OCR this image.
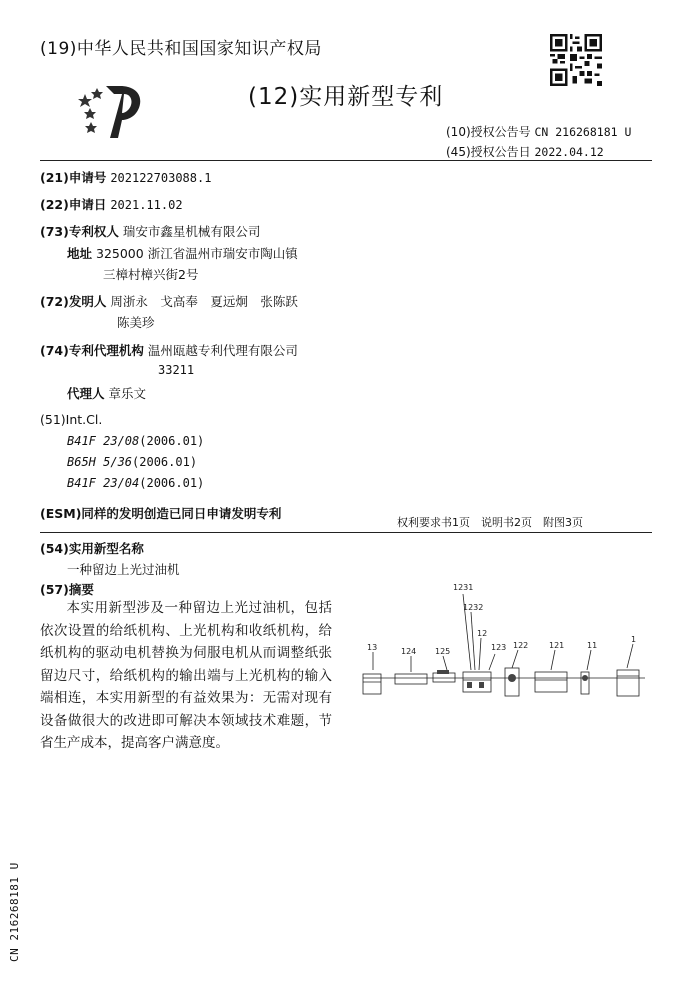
(19)中华人民共和国国家知识产权局
(12)实用新型专利
(10)授权公告号 CN 216268181 U
(45)授权公告日 2022.04.12
(21)申请号 202122703088.1
(22)申请日 2021.11.02
(73)专利权人 瑞安市鑫星机械有限公司
地址 325000 浙江省温州市瑞安市陶山镇
三樟村樟兴街2号
(72)发明人 周浙永　戈高奉　夏远炯　张陈跃
陈美珍
(74)专利代理机构 温州瓯越专利代理有限公司
33211
代理人 章乐文
(51)Int.Cl.
B41F 23/08(2006.01)
B65H 5/36(2006.01)
B41F 23/04(2006.01)
(ESM)同样的发明创造已同日申请发明专利
权利要求书1页　说明书2页　附图3页
(54)实用新型名称
一种留边上光过油机
(57)摘要
本实用新型涉及一种留边上光过油机，包括依次设置的给纸机构、上光机构和收纸机构，给纸机构的驱动电机替换为伺服电机从而调整纸张留边尺寸，给纸机构的输出端与上光机构的输入端相连，本实用新型的有益效果为：无需对现有设备做很大的改进即可解决本领域技术难题，节省生产成本，提高客户满意度。
13	124 125
1231
1232
12
123 122	121	11
1
CN 216268181 U
